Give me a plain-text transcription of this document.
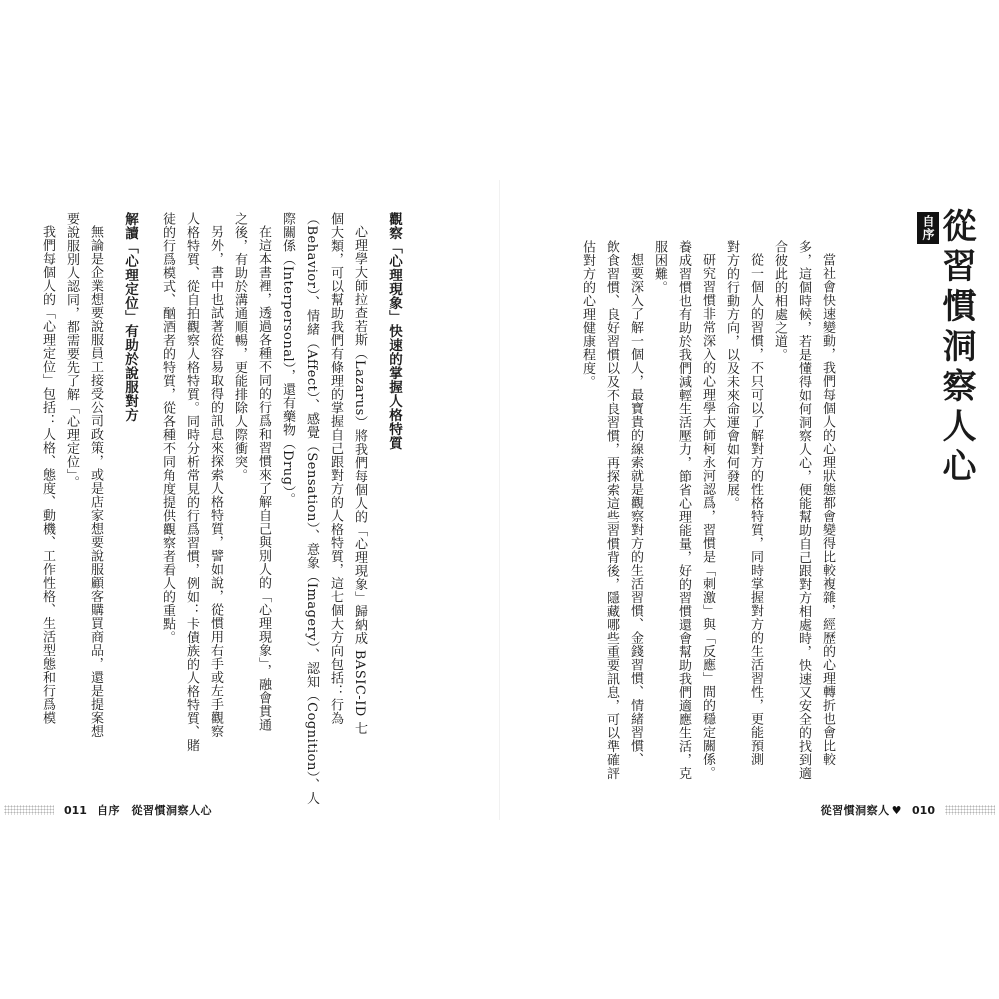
觀察「心理現象」快速的掌握人格特質

心理學大師拉查若斯（Lazarus）將我們每個人的「心理現象」歸納成 BASIC-ID 七

個大類，可以幫助我們有條理的掌握自己跟對方的人格特質，這七個大方向包括：行為

（Behavior）、情緒（Affect）、感覺（Sensation）、意象（Imagery）、認知（Cognition）、人

際關係（Interpersonal），還有藥物（Drug）。

在這本書裡，透過各種不同的行爲和習慣來了解自己與別人的「心理現象」，融會貫通

之後，有助於溝通順暢，更能排除人際衝突。

另外，書中也試著從容易取得的訊息來探索人格特質，譬如說，從慣用右手或左手觀察

人格特質、從自拍觀察人格特質。同時分析常見的行爲習慣，例如：卡債族的人格特質、賭

徒的行爲模式、酗酒者的特質，從各種不同角度提供觀察者看人的重點。

解讀「心理定位」有助於說服對方

無論是企業想要說服員工接受公司政策，或是店家想要說服顧客購買商品，還是提案想

要說服別人認同，都需要先了解「心理定位」。

我們每個人的「心理定位」包括：人格、態度、動機、工作性格、生活型態和行爲模

011 自序　從習慣洞察人心
自序 從習慣洞察人心

當社會快速變動，我們每個人的心理狀態都會變得比較複雜，經歷的心理轉折也會比較

多，這個時候，若是懂得如何洞察人心，便能幫助自己跟對方相處時，快速又安全的找到適

合彼此的相處之道。

從一個人的習慣，不只可以了解對方的性格特質，同時掌握對方的生活習性，更能預測

對方的行動方向，以及未來命運會如何發展。

研究習慣非常深入的心理學大師柯永河認爲，習慣是「刺激」與「反應」間的穩定關係。

養成習慣也有助於我們減輕生活壓力，節省心理能量，好的習慣還會幫助我們適應生活，克

服困難。

想要深入了解一個人，最寶貴的線索就是觀察對方的生活習慣、金錢習慣、情緒習慣、

飲食習慣、良好習慣以及不良習慣，再探索這些習慣背後，隱藏哪些重要訊息，可以準確評

估對方的心理健康程度。

從習慣洞察人 ♥ 010
